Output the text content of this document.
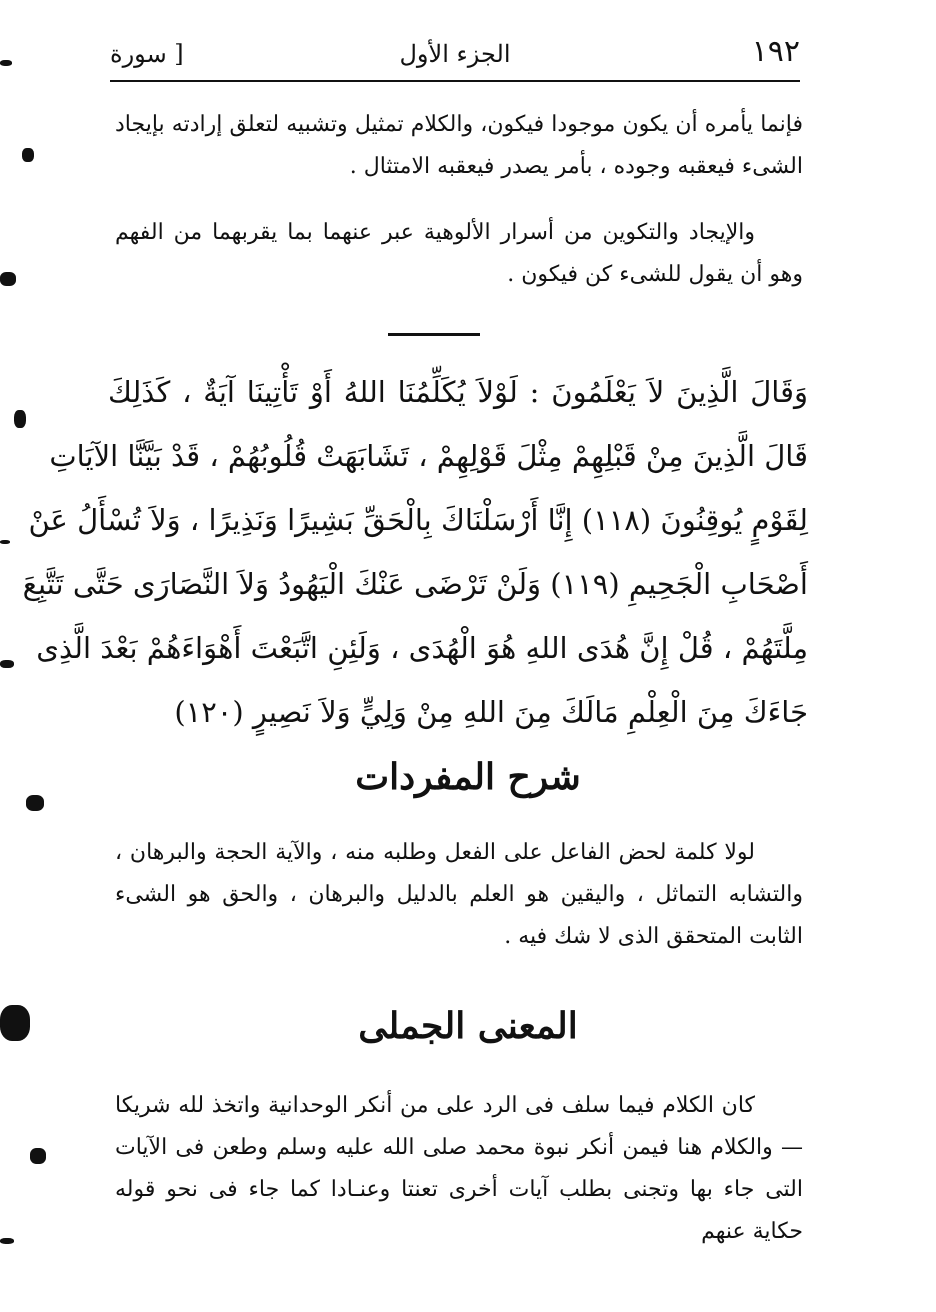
١٩٢
الجزء الأول
[ سورة

فإنما يأمره أن يكون موجودا فيكون، والكلام تمثيل وتشبيه لتعلق إرادته بإيجاد الشىء فيعقبه وجوده ، بأمر يصدر فيعقبه الامتثال .

والإيجاد والتكوين من أسرار الألوهية عبر عنهما بما يقربهما من الفهم وهو أن يقول للشىء كن فيكون .

وَقَالَ الَّذِينَ لاَ يَعْلَمُونَ : لَوْلاَ يُكَلِّمُنَا اللهُ أَوْ تَأْتِينَا آيَةٌ ، كَذَلِكَ
قَالَ الَّذِينَ مِنْ قَبْلِهِمْ مِثْلَ قَوْلِهِمْ ، تَشَابَهَتْ قُلُوبُهُمْ ، قَدْ بَيَّنَّا الآيَاتِ
لِقَوْمٍ يُوقِنُونَ (١١٨) إِنَّا أَرْسَلْنَاكَ بِالْحَقِّ بَشِيرًا وَنَذِيرًا ، وَلاَ تُسْأَلُ عَنْ
أَصْحَابِ الْجَحِيمِ (١١٩) وَلَنْ تَرْضَى عَنْكَ الْيَهُودُ وَلاَ النَّصَارَى حَتَّى تَتَّبِعَ
مِلَّتَهُمْ ، قُلْ إِنَّ هُدَى اللهِ هُوَ الْهُدَى ، وَلَئِنِ اتَّبَعْتَ أَهْوَاءَهُمْ بَعْدَ الَّذِى
جَاءَكَ مِنَ الْعِلْمِ مَالَكَ مِنَ اللهِ مِنْ وَلِيٍّ وَلاَ نَصِيرٍ (١٢٠)
شرح المفردات

لولا كلمة لحض الفاعل على الفعل وطلبه منه ، والآية الحجة والبرهان ، والتشابه التماثل ، واليقين هو العلم بالدليل والبرهان ، والحق هو الشىء الثابت المتحقق الذى لا شك فيه .

المعنى الجملى

كان الكلام فيما سلف فى الرد على من أنكر الوحدانية واتخذ لله شريكا — والكلام هنا فيمن أنكر نبوة محمد صلى الله عليه وسلم وطعن فى الآيات التى جاء بها وتجنى بطلب آيات أخرى تعنتا وعنـادا كما جاء فى نحو قوله حكاية عنهم
